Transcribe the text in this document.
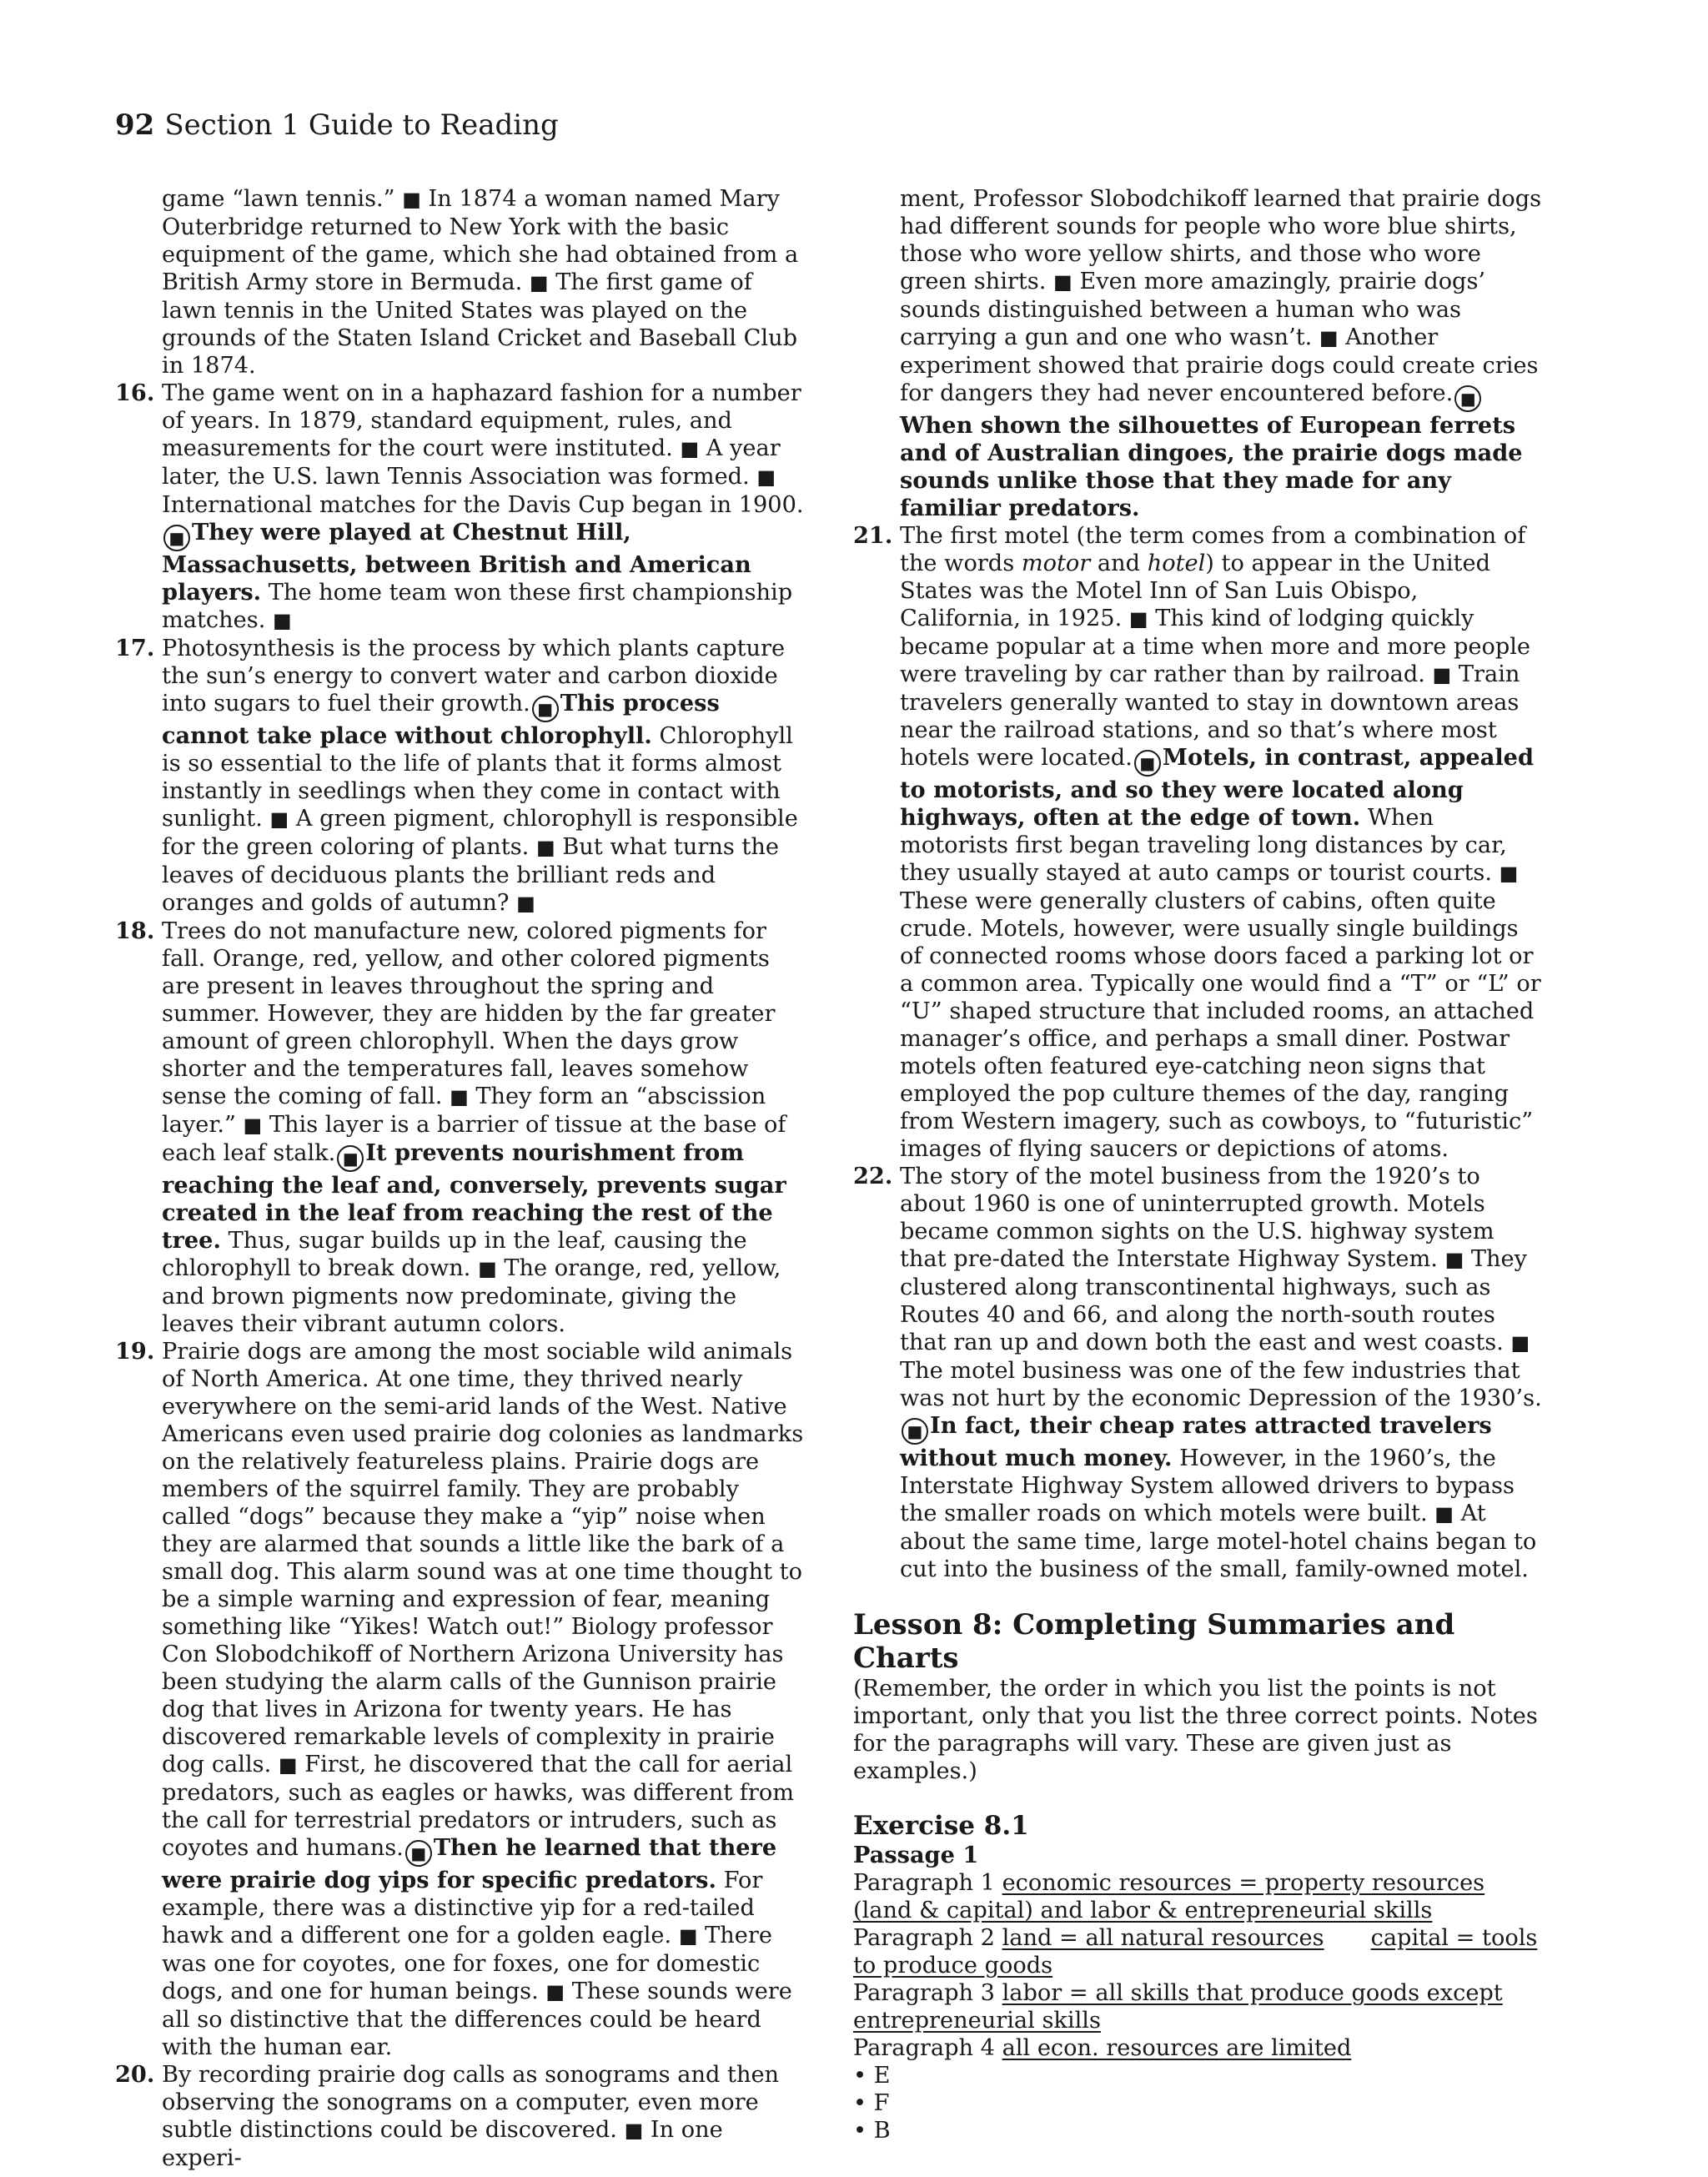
92 Section 1 Guide to Reading

game “lawn tennis.” ■ In 1874 a woman named Mary Outerbridge returned to New York with the basic equipment of the game, which she had obtained from a British Army store in Bermuda. ■ The first game of lawn tennis in the United States was played on the grounds of the Staten Island Cricket and Baseball Club in 1874.

16. The game went on in a haphazard fashion for a number of years. In 1879, standard equipment, rules, and measurements for the court were instituted. ■ A year later, the U.S. lawn Tennis Association was formed. ■ International matches for the Davis Cup began in 1900.■ They were played at Chestnut Hill, Massachusetts, between British and American players. The home team won these first championship matches. ■

17. Photosynthesis is the process by which plants capture the sun’s energy to convert water and carbon dioxide into sugars to fuel their growth. ■ This process cannot take place without chlorophyll. Chlorophyll is so essential to the life of plants that it forms almost instantly in seedlings when they come in contact with sunlight. ■ A green pigment, chlorophyll is responsible for the green coloring of plants. ■ But what turns the leaves of deciduous plants the brilliant reds and oranges and golds of autumn? ■

18. Trees do not manufacture new, colored pigments for fall. Orange, red, yellow, and other colored pigments are present in leaves throughout the spring and summer. However, they are hidden by the far greater amount of green chlorophyll. When the days grow shorter and the temperatures fall, leaves somehow sense the coming of fall. ■ They form an “abscission layer.” ■ This layer is a barrier of tissue at the base of each leaf stalk. ■ It prevents nourishment from reaching the leaf and, conversely, prevents sugar created in the leaf from reaching the rest of the tree. Thus, sugar builds up in the leaf, causing the chlorophyll to break down. ■ The orange, red, yellow, and brown pigments now predominate, giving the leaves their vibrant autumn colors.

19. Prairie dogs are among the most sociable wild animals of North America. At one time, they thrived nearly everywhere on the semi-arid lands of the West. Native Americans even used prairie dog colonies as landmarks on the relatively featureless plains. Prairie dogs are members of the squirrel family. They are probably called “dogs” because they make a “yip” noise when they are alarmed that sounds a little like the bark of a small dog. This alarm sound was at one time thought to be a simple warning and expression of fear, meaning something like “Yikes! Watch out!” Biology professor Con Slobodchikoff of Northern Arizona University has been studying the alarm calls of the Gunnison prairie dog that lives in Arizona for twenty years. He has discovered remarkable levels of complexity in prairie dog calls. ■ First, he discovered that the call for aerial predators, such as eagles or hawks, was different from the call for terrestrial predators or intruders, such as coyotes and humans. ■ Then he learned that there were prairie dog yips for specific predators. For example, there was a distinctive yip for a red-tailed hawk and a different one for a golden eagle. ■ There was one for coyotes, one for foxes, one for domestic dogs, and one for human beings. ■ These sounds were all so distinctive that the differences could be heard with the human ear.

20. By recording prairie dog calls as sonograms and then observing the sonograms on a computer, even more subtle distinctions could be discovered. ■ In one experi-

ment, Professor Slobodchikoff learned that prairie dogs had different sounds for people who wore blue shirts, those who wore yellow shirts, and those who wore green shirts. ■ Even more amazingly, prairie dogs’ sounds distinguished between a human who was carrying a gun and one who wasn’t. ■ Another experiment showed that prairie dogs could create cries for dangers they had never encountered before. ■When shown the silhouettes of European ferrets and of Australian dingoes, the prairie dogs made sounds unlike those that they made for any familiar predators.

21. The first motel (the term comes from a combination of the words motor and hotel) to appear in the United States was the Motel Inn of San Luis Obispo, California, in 1925. ■ This kind of lodging quickly became popular at a time when more and more people were traveling by car rather than by railroad. ■ Train travelers generally wanted to stay in downtown areas near the railroad stations, and so that’s where most hotels were located. ■ Motels, in contrast, appealed to motorists, and so they were located along highways, often at the edge of town. When motorists first began traveling long distances by car, they usually stayed at auto camps or tourist courts. ■ These were generally clusters of cabins, often quite crude. Motels, however, were usually single buildings of connected rooms whose doors faced a parking lot or a common area. Typically one would find a “T” or “L” or “U” shaped structure that included rooms, an attached manager’s office, and perhaps a small diner. Postwar motels often featured eye-catching neon signs that employed the pop culture themes of the day, ranging from Western imagery, such as cowboys, to “futuristic” images of flying saucers or depictions of atoms.

22. The story of the motel business from the 1920’s to about 1960 is one of uninterrupted growth. Motels became common sights on the U.S. highway system that pre-dated the Interstate Highway System. ■ They clustered along transcontinental highways, such as Routes 40 and 66, and along the north-south routes that ran up and down both the east and west coasts. ■ The motel business was one of the few industries that was not hurt by the economic Depression of the 1930’s.■ In fact, their cheap rates attracted travelers without much money. However, in the 1960’s, the Interstate Highway System allowed drivers to bypass the smaller roads on which motels were built. ■ At about the same time, large motel-hotel chains began to cut into the business of the small, family-owned motel.

Lesson 8: Completing Summaries and Charts

(Remember, the order in which you list the points is not important, only that you list the three correct points. Notes for the paragraphs will vary. These are given just as examples.)

Exercise 8.1
Passage 1

Paragraph 1 economic resources = property resources (land & capital) and labor & entrepreneurial skills

Paragraph 2 land = all natural resources capital = tools to produce goods

Paragraph 3 labor = all skills that produce goods except entrepreneurial skills

Paragraph 4 all econ. resources are limited

• E
• F
• B
